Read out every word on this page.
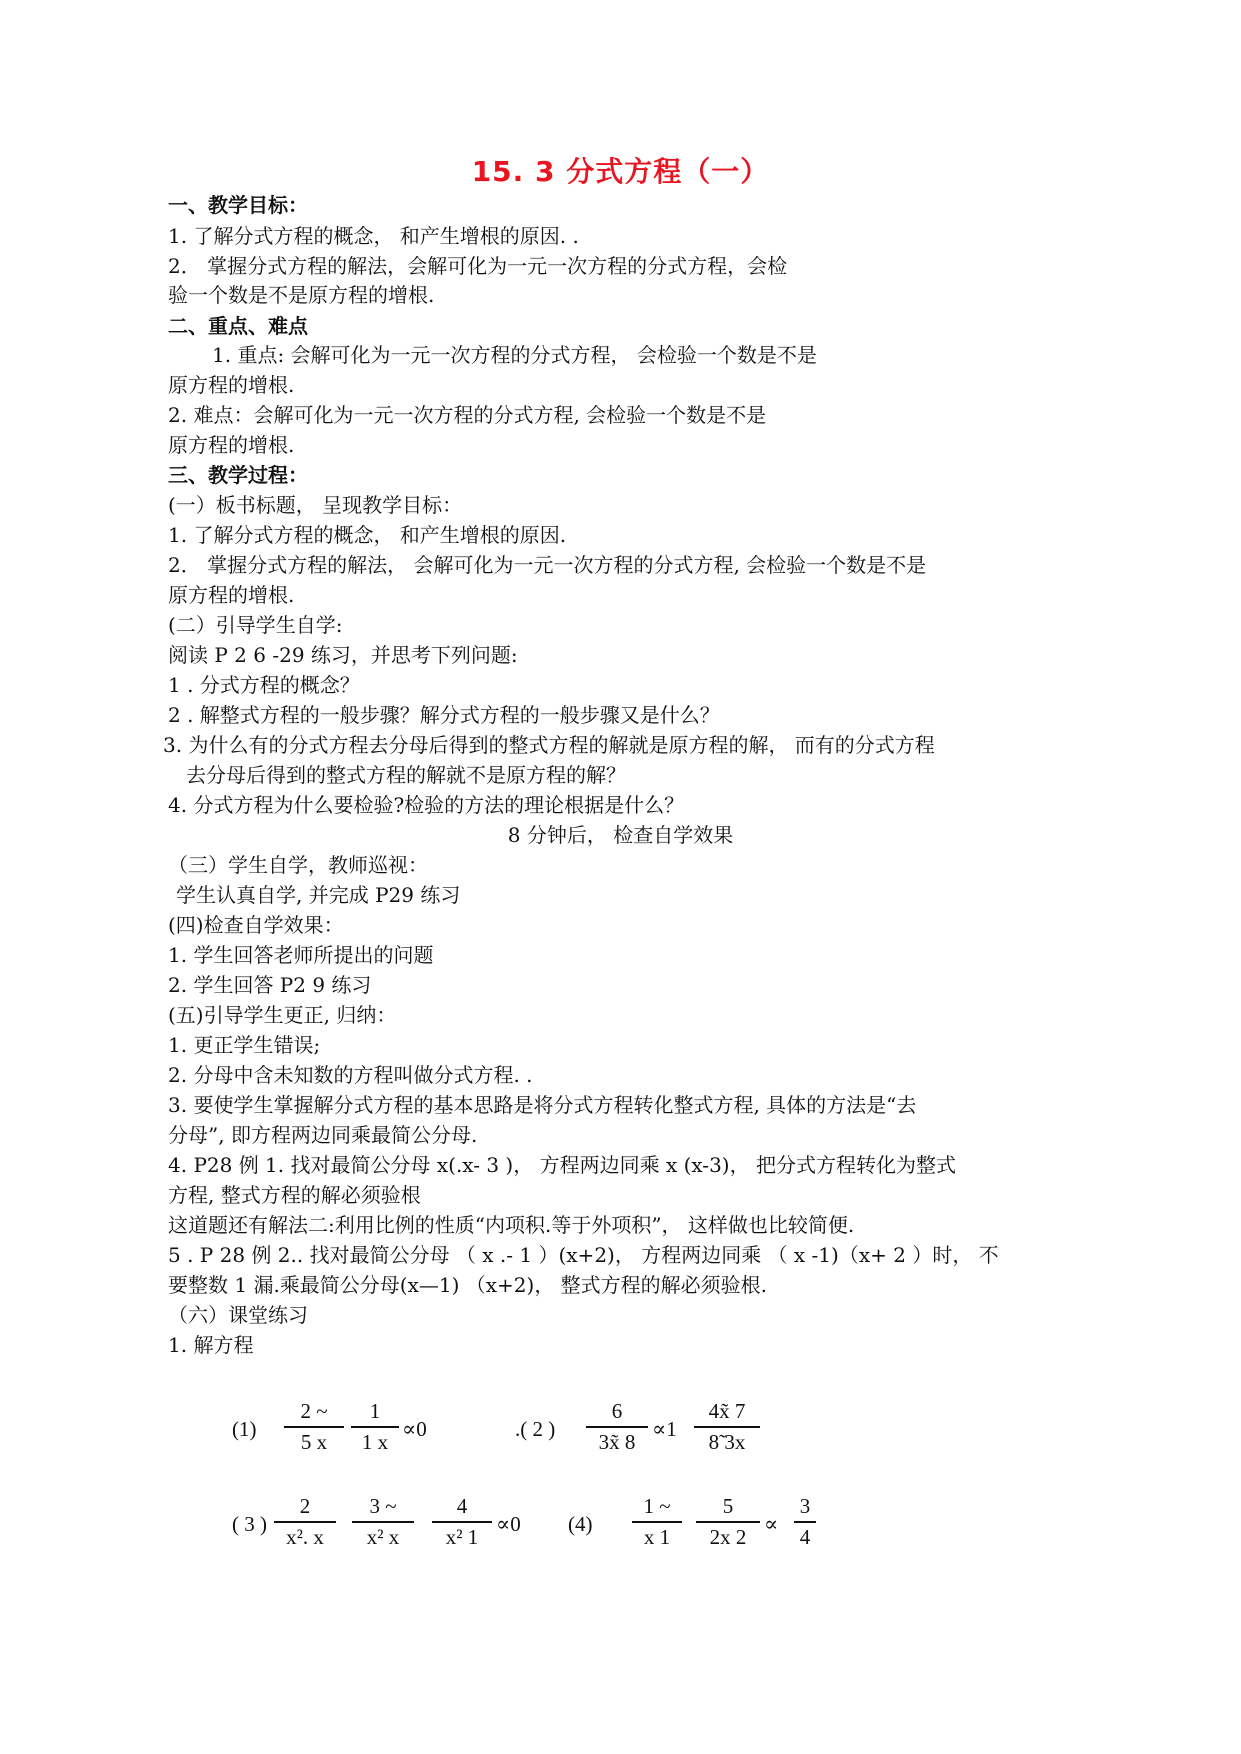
15. 3 分式方程（一）
一、教学目标：
1. 了解分式方程的概念， 和产生增根的原因. .
2． 掌握分式方程的解法，会解可化为一元一次方程的分式方程，会检
验一个数是不是原方程的增根.
二、重点、难点
1. 重点: 会解可化为一元一次方程的分式方程， 会检验一个数是不是
原方程的增根.
2. 难点：会解可化为一元一次方程的分式方程, 会检验一个数是不是
原方程的增根.
三、教学过程：
(一）板书标题， 呈现教学目标：
1. 了解分式方程的概念， 和产生增根的原因.
2． 掌握分式方程的解法， 会解可化为一元一次方程的分式方程, 会检验一个数是不是
原方程的增根.
(二）引导学生自学:
阅读 P 2 6 -29 练习，并思考下列问题:
1 . 分式方程的概念？
2 . 解整式方程的一般步骤？解分式方程的一般步骤又是什么？
3. 为什么有的分式方程去分母后得到的整式方程的解就是原方程的解， 而有的分式方程
去分母后得到的整式方程的解就不是原方程的解？
4. 分式方程为什么要检验?检验的方法的理论根据是什么？
8 分钟后， 检查自学效果
（三）学生自学，教师巡视：
学生认真自学, 并完成 P29 练习
(四)检查自学效果：
1. 学生回答老师所提出的问题
2. 学生回答 P2 9 练习
(五)引导学生更正, 归纳：
1. 更正学生错误;
2. 分母中含未知数的方程叫做分式方程. .
3. 要使学生掌握解分式方程的基本思路是将分式方程转化整式方程, 具体的方法是“去
分母”, 即方程两边同乘最简公分母.
4. P28 例 1. 找对最简公分母 x(.x- 3 )， 方程两边同乘 x (x-3)， 把分式方程转化为整式
方程, 整式方程的解必须验根
这道题还有解法二:利用比例的性质“内项积.等于外项积”， 这样做也比较简便.
5 . P 28 例 2.. 找对最简公分母 （ x .- 1 ）(x+2)， 方程两边同乘 （ x -1)（x+ 2 ）时， 不
要整数 1 漏.乘最简公分母(x—1) （x+2)， 整式方程的解必须验根.
（六）课堂练习
1. 解方程
(1)
2 ~
5 x
1
1 x
∝0	.( 2 )
6
3x̃ 8
∝1
4x̃ 7
8̃ 3x
( 3 )
2
x². x
3 ~
x² x
4
x² 1
∝0 (4)
1 ~
x 1
5
2x 2
∝
3
4
